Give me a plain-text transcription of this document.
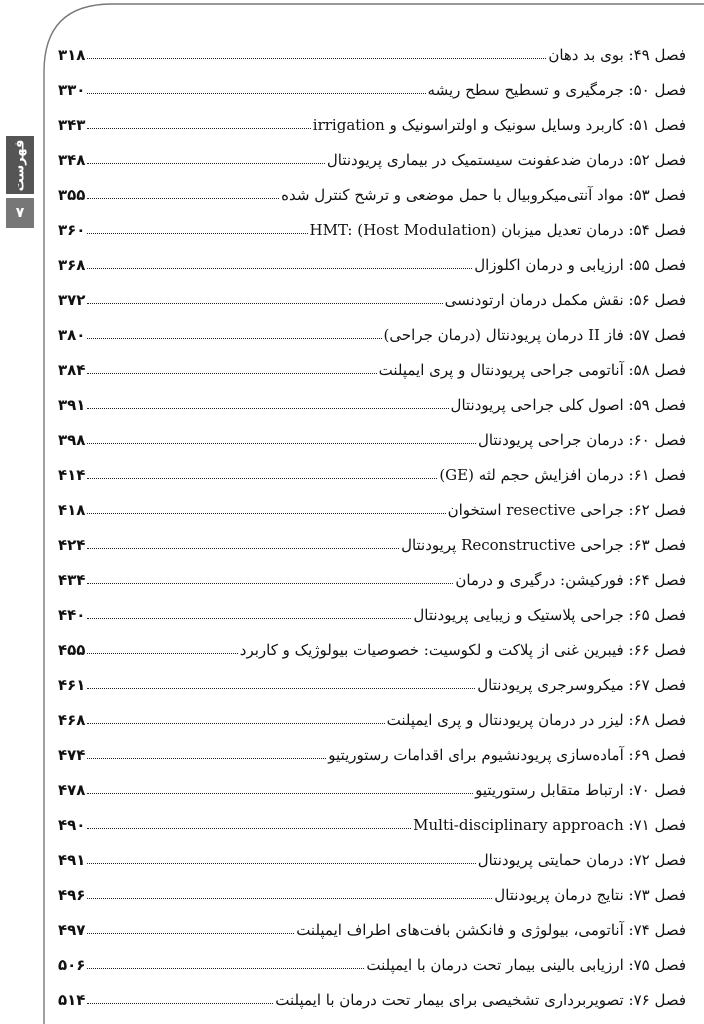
فهرست
۷
فصل ۴۹: بوی بد دهان
۳۱۸
فصل ۵۰: جرمگیری و تسطیح سطح ریشه
۳۳۰
فصل ۵۱: کاربرد وسایل سونیک و اولتراسونیک و irrigation
۳۴۳
فصل ۵۲: درمان ضدعفونت سیستمیک در بیماری پریودنتال
۳۴۸
فصل ۵۳: مواد آنتی‌میکروبیال با حمل موضعی و ترشح کنترل شده
۳۵۵
فصل ۵۴: درمان تعدیل میزبان (HMT: (Host Modulation
۳۶۰
فصل ۵۵: ارزیابی و درمان اکلوزال
۳۶۸
فصل ۵۶: نقش مکمل درمان ارتودنسی
۳۷۲
فصل ۵۷: فاز II درمان پریودنتال (درمان جراحی)
۳۸۰
فصل ۵۸: آناتومی جراحی پریودنتال و پری ایمپلنت
۳۸۴
فصل ۵۹: اصول کلی جراحی پریودنتال
۳۹۱
فصل ۶۰: درمان جراحی پریودنتال
۳۹۸
فصل ۶۱: درمان افزایش حجم لثه (GE)
۴۱۴
فصل ۶۲: جراحی resective استخوان
۴۱۸
فصل ۶۳: جراحی Reconstructive پریودنتال
۴۲۴
فصل ۶۴: فورکیشن: درگیری و درمان
۴۳۴
فصل ۶۵: جراحی پلاستیک و زیبایی پریودنتال
۴۴۰
فصل ۶۶: فیبرین غنی از پلاکت و لکوسیت: خصوصیات بیولوژیک و کاربرد
۴۵۵
فصل ۶۷: میکروسرجری پریودنتال
۴۶۱
فصل ۶۸: لیزر در درمان پریودنتال و پری ایمپلنت
۴۶۸
فصل ۶۹: آماده‌سازی پریودنشیوم برای اقدامات رستوریتیو
۴۷۴
فصل ۷۰: ارتباط متقابل رستوریتیو
۴۷۸
فصل ۷۱: Multi-disciplinary approach
۴۹۰
فصل ۷۲: درمان حمایتی پریودنتال
۴۹۱
فصل ۷۳: نتایج درمان پریودنتال
۴۹۶
فصل ۷۴: آناتومی، بیولوژی و فانکشن بافت‌های اطراف ایمپلنت
۴۹۷
فصل ۷۵: ارزیابی بالینی بیمار تحت درمان با ایمپلنت
۵۰۶
فصل ۷۶: تصویربرداری تشخیصی برای بیمار تحت درمان با ایمپلنت
۵۱۴
